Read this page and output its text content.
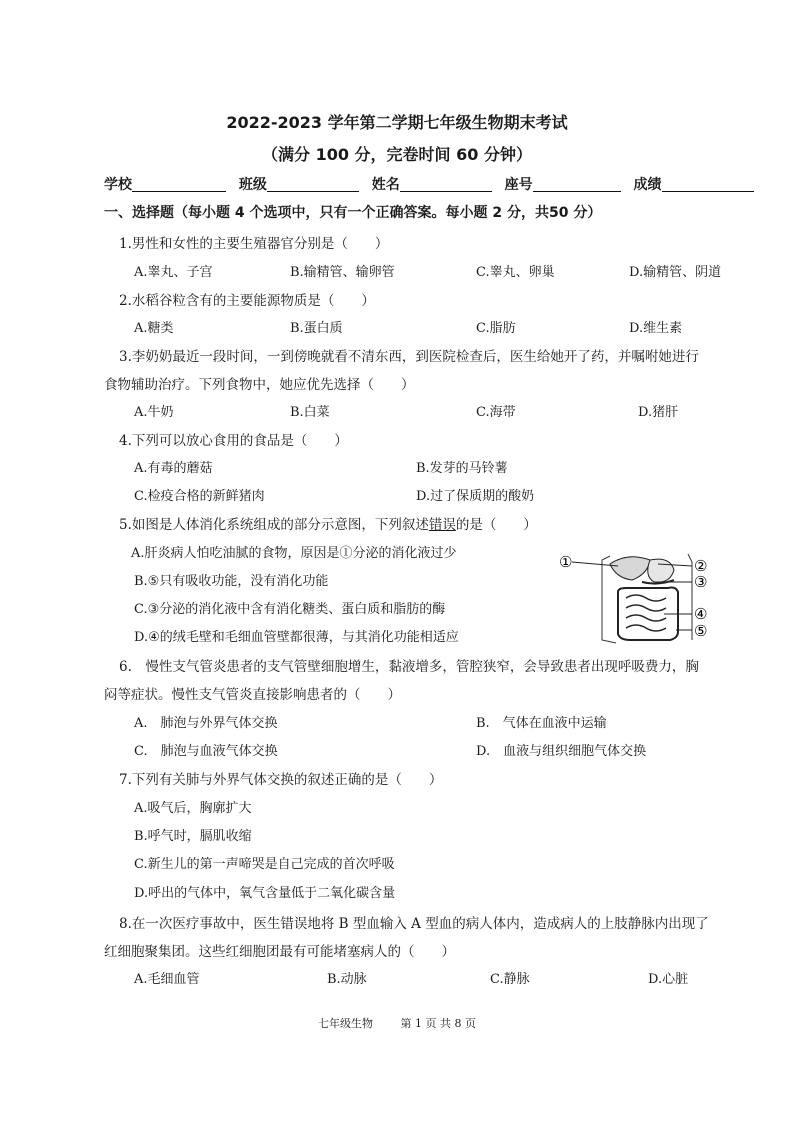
2022-2023 学年第二学期七年级生物期末考试
（满分 100 分，完卷时间 60 分钟）
学校	班级	姓名	座号	成绩
一、选择题（每小题 4 个选项中，只有一个正确答案。每小题 2 分，共50 分）
1.男性和女性的主要生殖器官分别是（　　）
A.睾丸、子宫	B.输精管、输卵管	C.睾丸、卵巢	D.输精管、阴道
2.水稻谷粒含有的主要能源物质是（　　）
A.糖类	B.蛋白质	C.脂肪	D.维生素
3.李奶奶最近一段时间，一到傍晚就看不清东西，到医院检查后，医生给她开了药，并嘱咐她进行
食物辅助治疗。下列食物中，她应优先选择（　　）
A.牛奶	B.白菜	C.海带	D.猪肝
4.下列可以放心食用的食品是（　　）
A.有毒的蘑菇	B.发芽的马铃薯
C.检疫合格的新鲜猪肉	D.过了保质期的酸奶
5.如图是人体消化系统组成的部分示意图，下列叙述错误的是（　　）
A.肝炎病人怕吃油腻的食物，原因是①分泌的消化液过少
B.⑤只有吸收功能，没有消化功能
C.③分泌的消化液中含有消化糖类、蛋白质和脂肪的酶
D.④的绒毛壁和毛细血管壁都很薄，与其消化功能相适应
①	②
③
④
⑤
6.　慢性支气管炎患者的支气管壁细胞增生，黏液增多，管腔狭窄，会导致患者出现呼吸费力，胸
闷等症状。慢性支气管炎直接影响患者的（　　）
A.　肺泡与外界气体交换	B.　气体在血液中运输
C.　肺泡与血液气体交换	D.　血液与组织细胞气体交换
7.下列有关肺与外界气体交换的叙述正确的是（　　）
A.吸气后，胸廓扩大
B.呼气时，膈肌收缩
C.新生儿的第一声啼哭是自己完成的首次呼吸
D.呼出的气体中，氧气含量低于二氧化碳含量
8.在一次医疗事故中，医生错误地将 B 型血输入 A 型血的病人体内，造成病人的上肢静脉内出现了
红细胞聚集团。这些红细胞团最有可能堵塞病人的（　　）
A.毛细血管	B.动脉	C.静脉	D.心脏
七年级生物	第 1 页 共 8 页
